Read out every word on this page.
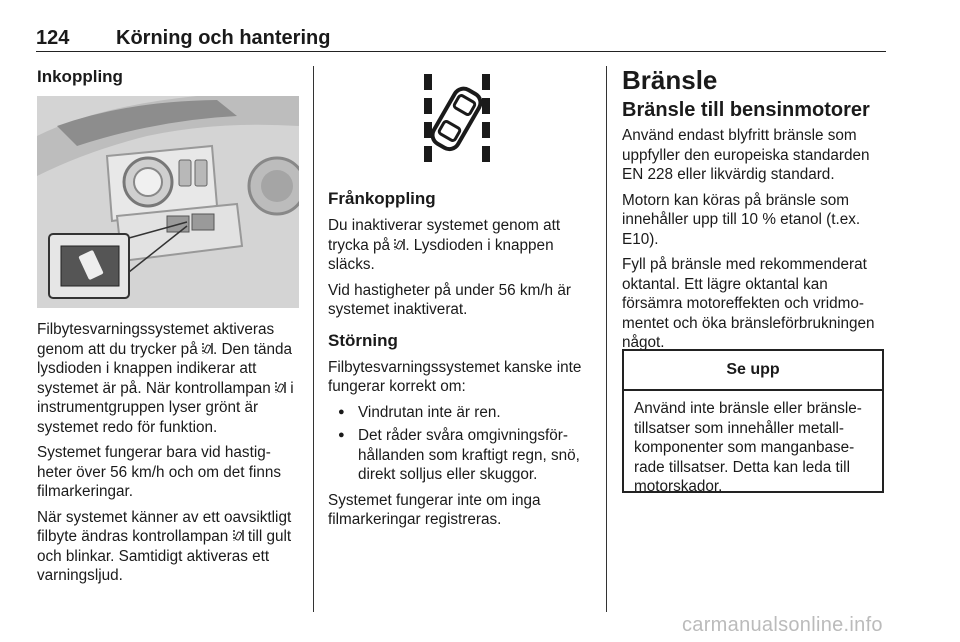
124 Körning och hantering
Inkoppling

Filbytesvarningssystemet aktiveras genom att du trycker på . Den tända lysdioden i knappen indikerar att systemet är på. När kontrollampan  i instrumentgruppen lyser grönt är systemet redo för funktion.

Systemet fungerar bara vid hastigheter över 56 km/h och om det finns filmarkeringar.

När systemet känner av ett oavsiktligt filbyte ändras kontrollampan  till gult och blinkar. Samtidigt aktiveras ett varningsljud.

Frånkoppling

Du inaktiverar systemet genom att trycka på . Lysdioden i knappen släcks.

Vid hastigheter på under 56 km/h är systemet inaktiverat.

Störning

Filbytesvarningssystemet kanske inte fungerar korrekt om:

● Vindrutan inte är ren.
● Det råder svåra omgivningsförhållanden som kraftigt regn, snö, direkt solljus eller skuggor.

Systemet fungerar inte om inga filmarkeringar registreras.

Bränsle
Bränsle till bensinmotorer

Använd endast blyfritt bränsle som uppfyller den europeiska standarden EN 228 eller likvärdig standard.

Motorn kan köras på bränsle som innehåller upp till 10 % etanol (t.ex. E10).

Fyll på bränsle med rekommenderat oktantal. Ett lägre oktantal kan försämra motoreffekten och vridmomentet och öka bränsleförbrukningen något.

Se upp
Använd inte bränsle eller bränsletillsatser som innehåller metallkomponenter som manganbaserade tillsatser. Detta kan leda till motorskador.
carmanualsonline.info
